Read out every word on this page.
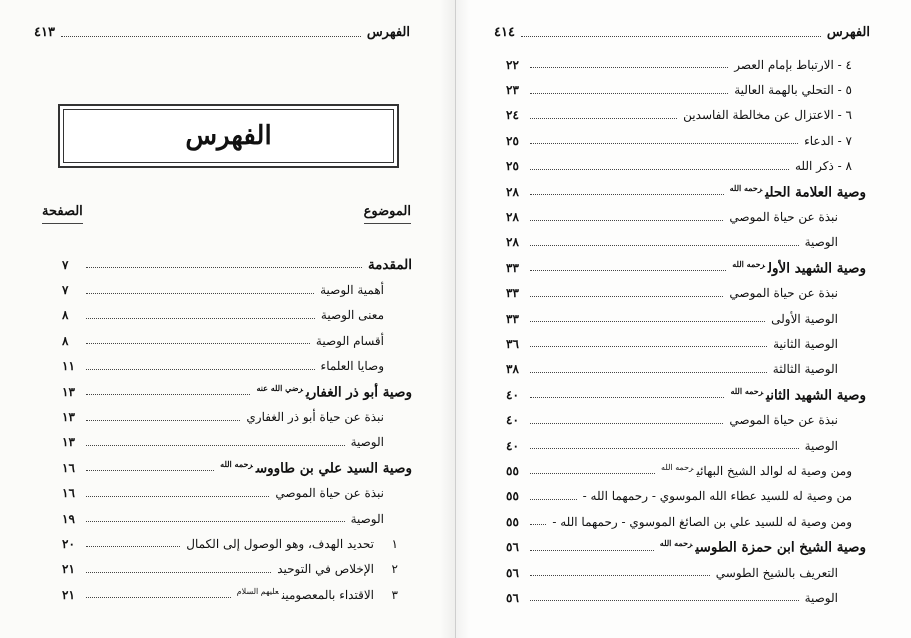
الفهرس
٤١٣
الفهرس
الموضوع
الصفحة
المقدمة
٧
أهمية الوصية
٧
معنى الوصية
٨
أقسام الوصية
٨
وصايا العلماء
١١
وصية أبو ذر الغفاري$^{رضي الله عنه}$
١٣
نبذة عن حياة أبو ذر الغفاري
١٣
الوصية
١٣
وصية السيد علي بن طاووس$^{رحمه الله}$
١٦
نبذة عن حياة الموصي
١٦
الوصية
١٩
١تحديد الهدف، وهو الوصول إلى الكمال
٢٠
٢الإخلاص في التوحيد
٢١
٣الاقتداء بالمعصومين$^{عليهم السلام}$
٢١
الفهرس
٤١٤
٤ - الارتباط بإمام العصر
٢٢
٥ - التحلي بالهمة العالية
٢٣
٦ - الاعتزال عن مخالطة الفاسدين
٢٤
٧ - الدعاء
٢٥
٨ - ذكر الله
٢٥
وصية العلامة الحلي$^{رحمه الله}$
٢٨
نبذة عن حياة الموصي
٢٨
الوصية
٢٨
وصية الشهيد الأول$^{رحمه الله}$
٣٣
نبذة عن حياة الموصي
٣٣
الوصية الأولى
٣٣
الوصية الثانية
٣٦
الوصية الثالثة
٣٨
وصية الشهيد الثاني$^{رحمه الله}$
٤٠
نبذة عن حياة الموصي
٤٠
الوصية
٤٠
ومن وصية له لوالد الشيخ البهائي$^{رحمه الله}$
٥٥
من وصية له للسيد عطاء الله الموسوي - رحمهما الله -
٥٥
ومن وصية له للسيد علي بن الصائغ الموسوي - رحمهما الله -
٥٥
وصية الشيخ ابن حمزة الطوسي$^{رحمه الله}$
٥٦
التعريف بالشيخ الطوسي
٥٦
الوصية
٥٦
